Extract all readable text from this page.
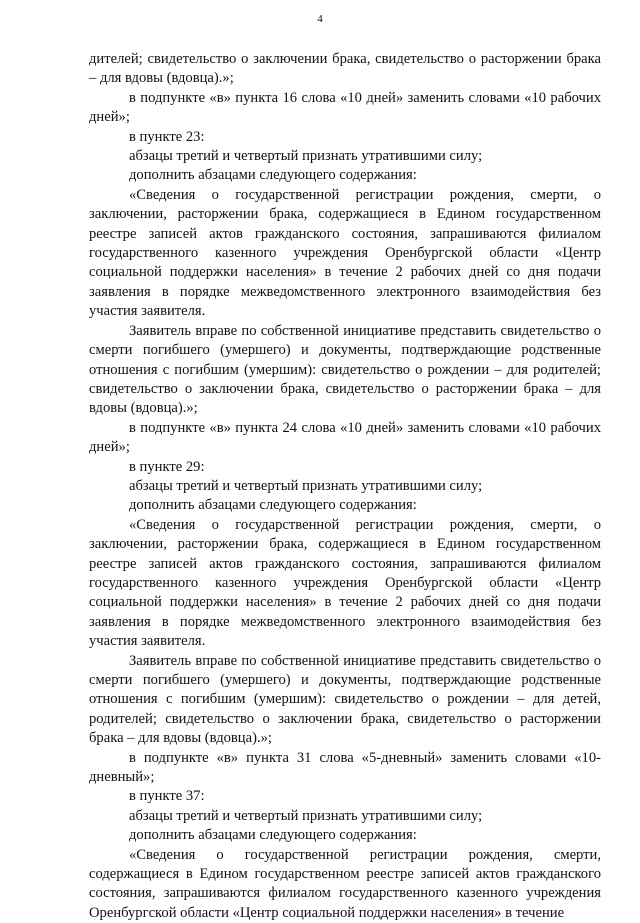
4

дителей; свидетельство о заключении брака, свидетельство о расторжении брака – для вдовы (вдовца).»;

в подпункте «в» пункта 16 слова «10 дней» заменить словами «10 рабочих дней»;

в пункте 23:

абзацы третий и четвертый признать утратившими силу;

дополнить абзацами следующего содержания:

«Сведения о государственной регистрации рождения, смерти, о заключении, расторжении брака, содержащиеся в Едином государственном реестре записей актов гражданского состояния, запрашиваются филиалом государственного казенного учреждения Оренбургской области «Центр социальной поддержки населения» в течение 2 рабочих дней со дня подачи заявления в порядке межведомственного электронного взаимодействия без участия заявителя.

Заявитель вправе по собственной инициативе представить свидетельство о смерти погибшего (умершего) и документы, подтверждающие родственные отношения с погибшим (умершим): свидетельство о рождении – для родителей; свидетельство о заключении брака, свидетельство о расторжении брака – для вдовы (вдовца).»;

в подпункте «в» пункта 24 слова «10 дней» заменить словами «10 рабочих дней»;

в пункте 29:

абзацы третий и четвертый признать утратившими силу;

дополнить абзацами следующего содержания:

«Сведения о государственной регистрации рождения, смерти, о заключении, расторжении брака, содержащиеся в Едином государственном реестре записей актов гражданского состояния, запрашиваются филиалом государственного казенного учреждения Оренбургской области «Центр социальной поддержки населения» в течение 2 рабочих дней со дня подачи заявления в порядке межведомственного электронного взаимодействия без участия заявителя.

Заявитель вправе по собственной инициативе представить свидетельство о смерти погибшего (умершего) и документы, подтверждающие родственные отношения с погибшим (умершим): свидетельство о рождении – для детей, родителей; свидетельство о заключении брака, свидетельство о расторжении брака – для вдовы (вдовца).»;

в подпункте «в» пункта 31 слова «5-дневный» заменить словами «10-дневный»;

в пункте 37:

абзацы третий и четвертый признать утратившими силу;

дополнить абзацами следующего содержания:

«Сведения о государственной регистрации рождения, смерти, содержащиеся в Едином государственном реестре записей актов гражданского состояния, запрашиваются филиалом государственного казенного учреждения Оренбургской области «Центр социальной поддержки населения» в течение
